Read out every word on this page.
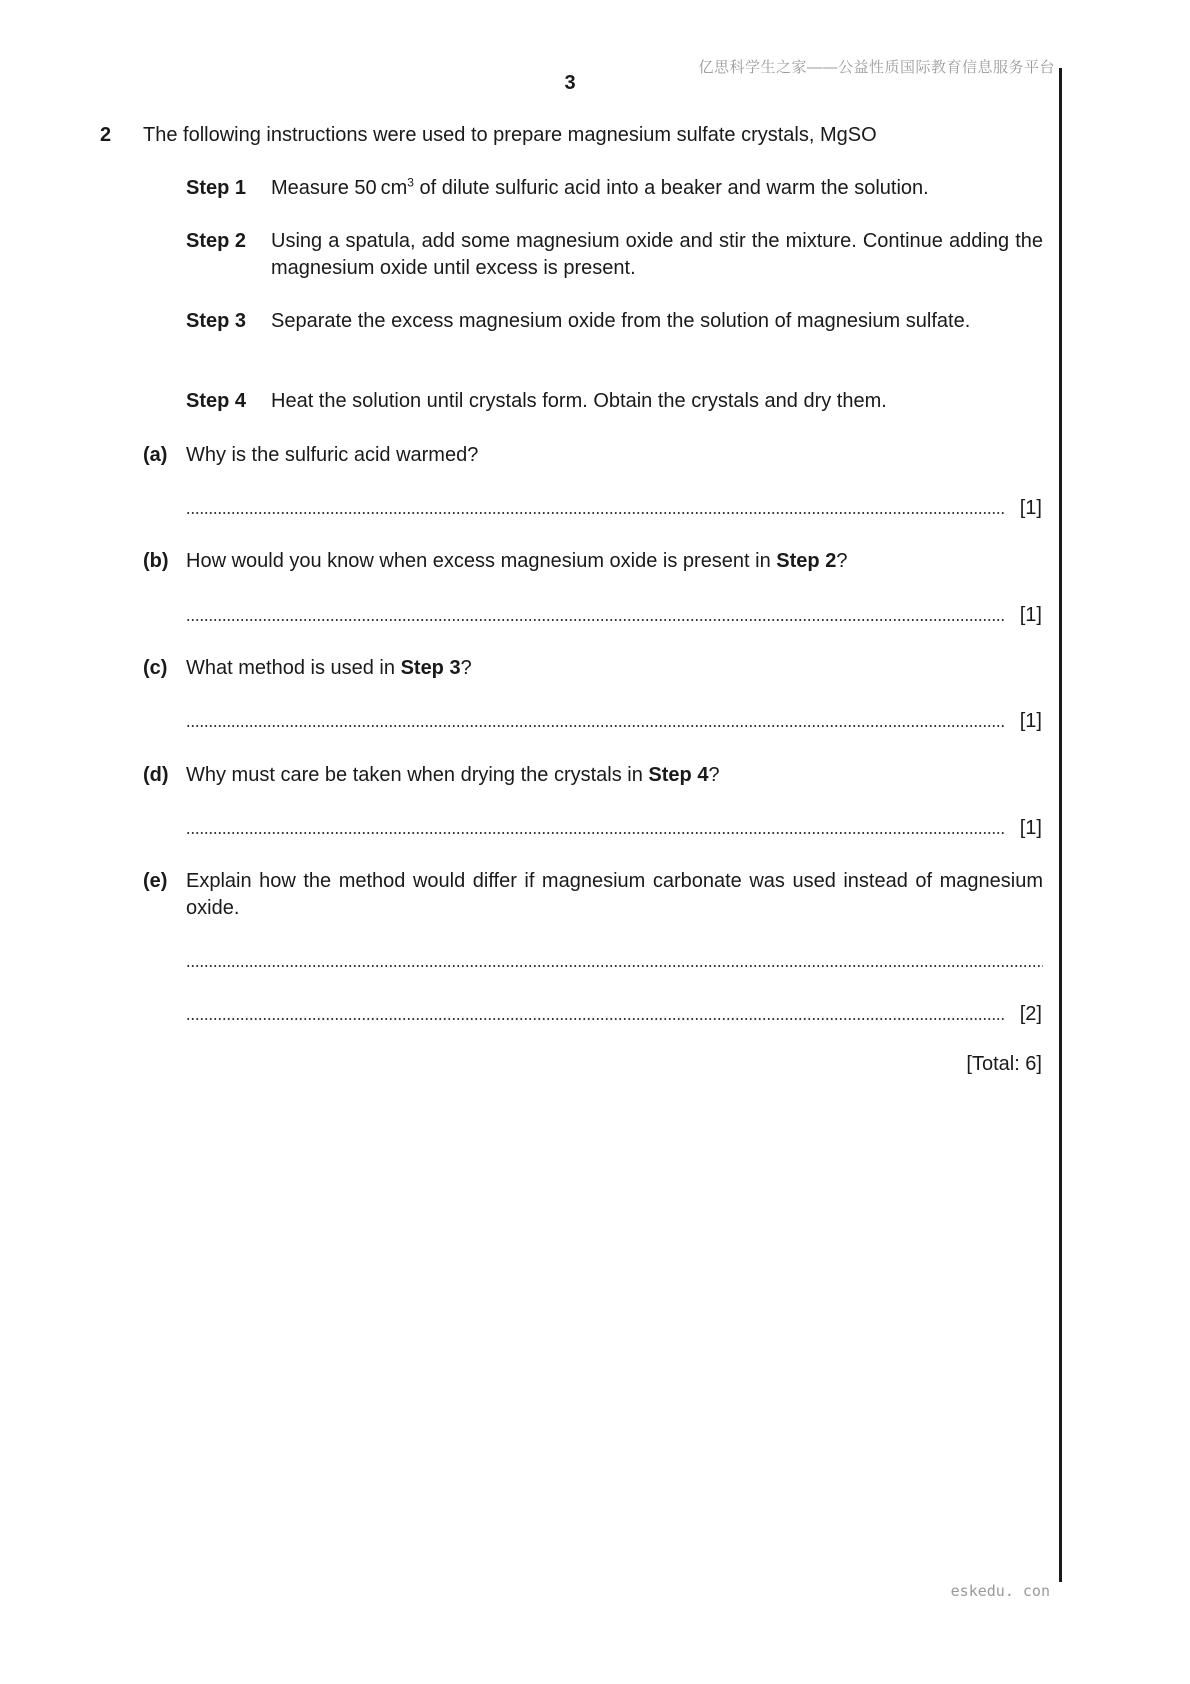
亿思科学生之家——公益性质国际教育信息服务平台
3
2 The following instructions were used to prepare magnesium sulfate crystals, MgSO
Step 1	Measure 50 $cm^3$ of dilute sulfuric acid into a beaker and warm the solution.
Step 2	Using a spatula, add some magnesium oxide and stir the mixture. Continue adding the magnesium oxide until excess is present.
Step 3	Separate the excess magnesium oxide from the solution of magnesium sulfate.
Step 4	Heat the solution until crystals form. Obtain the crystals and dry them.
(a) Why is the sulfuric acid warmed?
[1]
(b) How would you know when excess magnesium oxide is present in Step 2?
[1]
(c) What method is used in Step 3?
[1]
(d) Why must care be taken when drying the crystals in Step 4?
[1]
(e) Explain how the method would differ if magnesium carbonate was used instead of magnesium oxide.
[2]
[Total: 6]
eskedu. con
